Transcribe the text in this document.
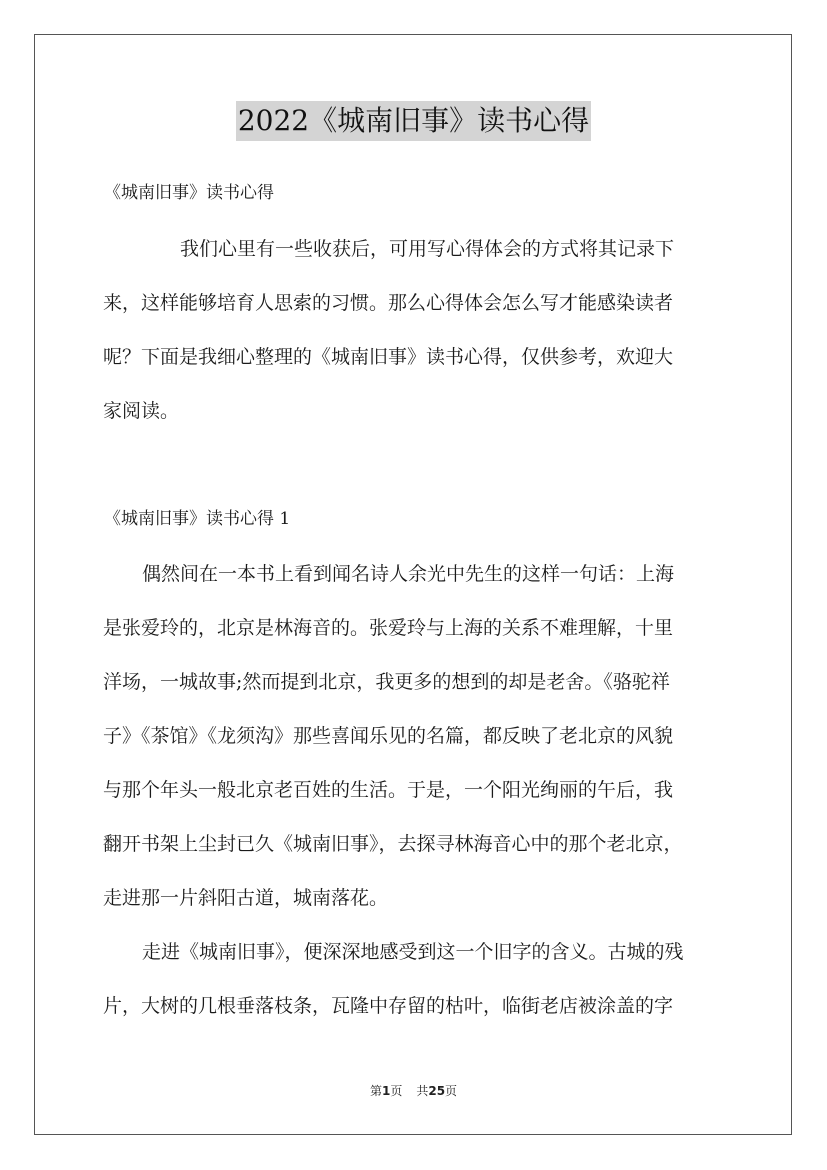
2022《城南旧事》读书心得
《城南旧事》读书心得
我们心里有一些收获后，可用写心得体会的方式将其记录下
来，这样能够培育人思索的习惯。那么心得体会怎么写才能感染读者
呢？下面是我细心整理的《城南旧事》读书心得，仅供参考，欢迎大
家阅读。
《城南旧事》读书心得 1
偶然间在一本书上看到闻名诗人余光中先生的这样一句话：上海
是张爱玲的，北京是林海音的。张爱玲与上海的关系不难理解，十里
洋场，一城故事;然而提到北京，我更多的想到的却是老舍。《骆驼祥
子》《茶馆》《龙须沟》那些喜闻乐见的名篇，都反映了老北京的风貌
与那个年头一般北京老百姓的生活。于是，一个阳光绚丽的午后，我
翻开书架上尘封已久《城南旧事》，去探寻林海音心中的那个老北京，
走进那一片斜阳古道，城南落花。
走进《城南旧事》，便深深地感受到这一个旧字的含义。古城的残
片，大树的几根垂落枝条，瓦隆中存留的枯叶，临街老店被涂盖的字
第1页 共25页
